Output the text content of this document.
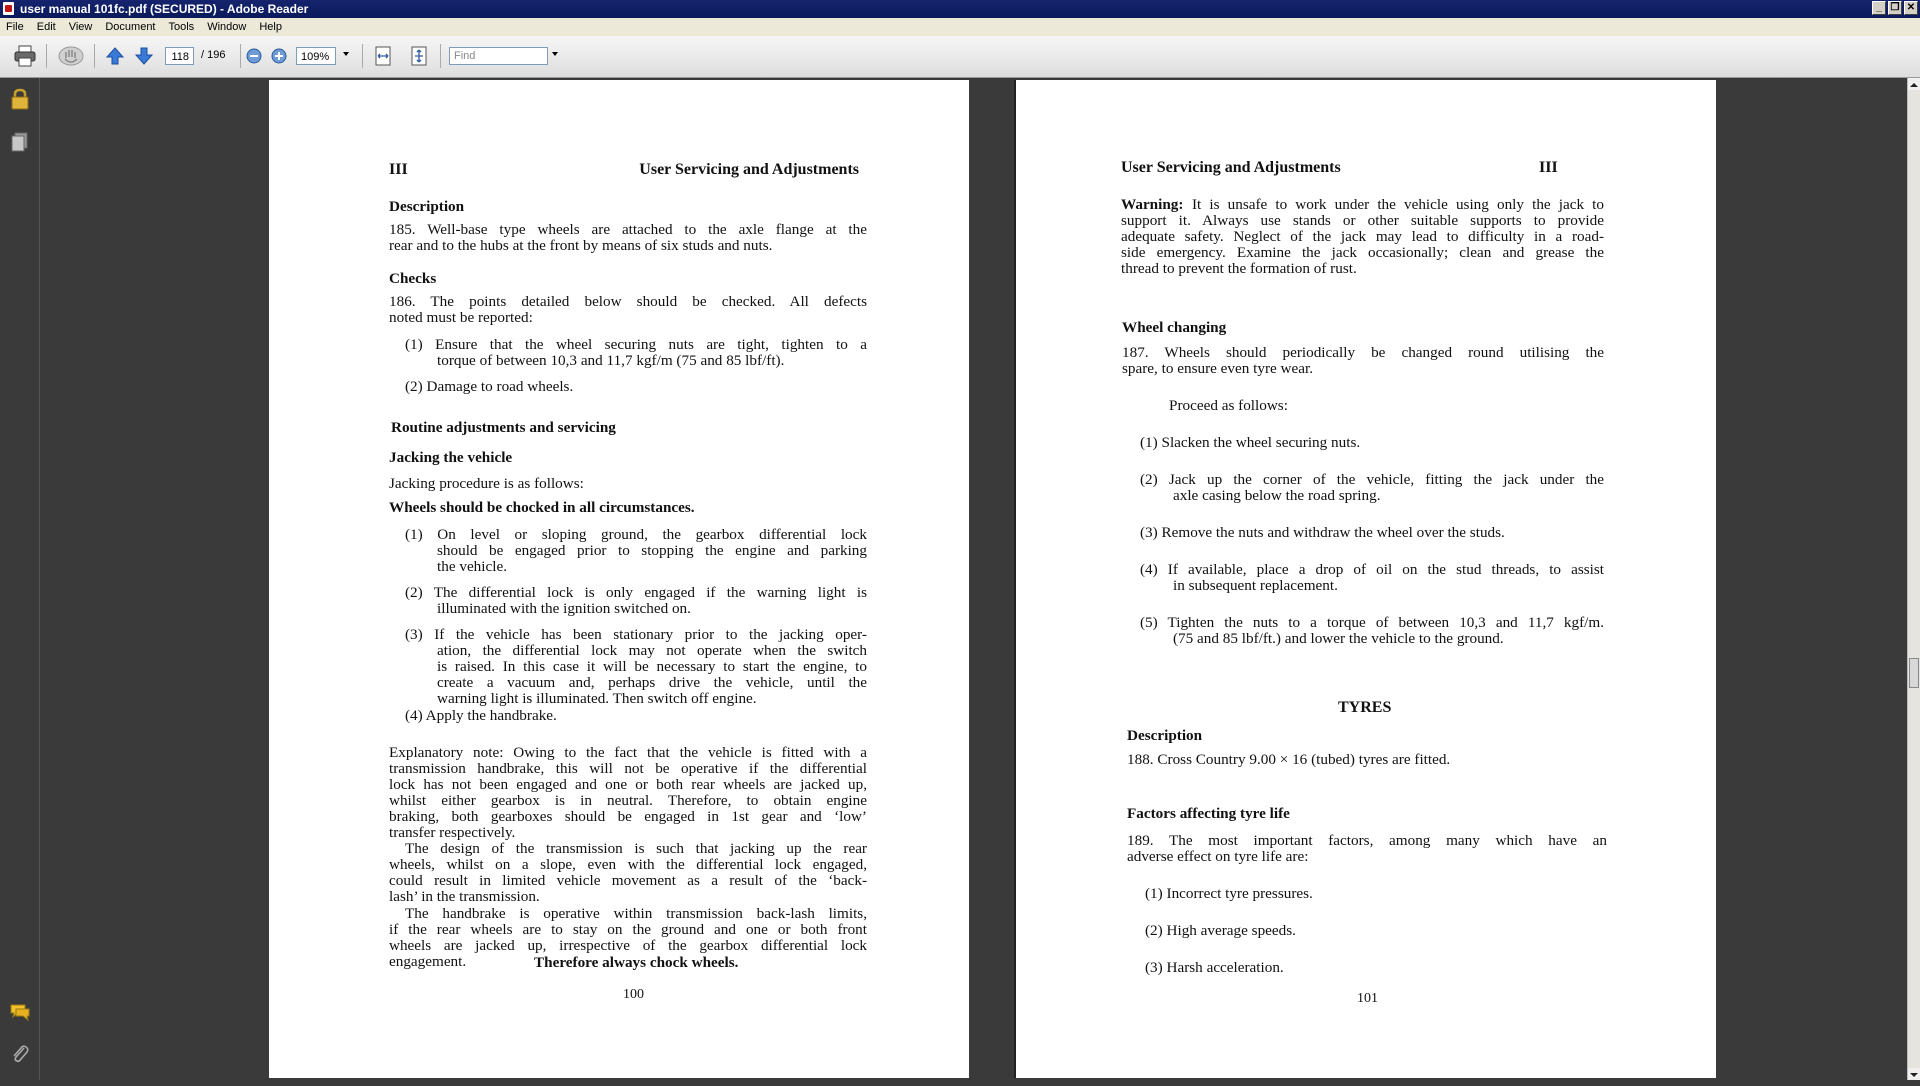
user manual 101fc.pdf (SECURED) - Adobe Reader	_ ❐ ✕
File	Edit	View	Document	Tools	Window	Help
118	/ 196	109%	Find
III	User Servicing and Adjustments
Description
185. Well-base type wheels are attached to the axle flange at the
rear and to the hubs at the front by means of six studs and nuts.
Checks
186. The points detailed below should be checked. All defects
noted must be reported:
(1) Ensure that the wheel securing nuts are tight, tighten to a
torque of between 10,3 and 11,7 kgf/m (75 and 85 lbf/ft).
(2) Damage to road wheels.
Routine adjustments and servicing
Jacking the vehicle
Jacking procedure is as follows:
Wheels should be chocked in all circumstances.
(1) On level or sloping ground, the gearbox differential lock
should be engaged prior to stopping the engine and parking
the vehicle.
(2) The differential lock is only engaged if the warning light is
illuminated with the ignition switched on.
(3) If the vehicle has been stationary prior to the jacking oper-
ation, the differential lock may not operate when the switch
is raised. In this case it will be necessary to start the engine, to
create a vacuum and, perhaps drive the vehicle, until the
warning light is illuminated. Then switch off engine.
(4) Apply the handbrake.
Explanatory note: Owing to the fact that the vehicle is fitted with a
transmission handbrake, this will not be operative if the differential
lock has not been engaged and one or both rear wheels are jacked up,
whilst either gearbox is in neutral. Therefore, to obtain engine
braking, both gearboxes should be engaged in 1st gear and ‘low’
transfer respectively.
The design of the transmission is such that jacking up the rear
wheels, whilst on a slope, even with the differential lock engaged,
could result in limited vehicle movement as a result of the ‘back-
lash’ in the transmission.
The handbrake is operative within transmission back-lash limits,
if the rear wheels are to stay on the ground and one or both front
wheels are jacked up, irrespective of the gearbox differential lock
engagement.	Therefore always chock wheels.
100
User Servicing and Adjustments	III
Warning: It is unsafe to work under the vehicle using only the jack to
support it. Always use stands or other suitable supports to provide
adequate safety. Neglect of the jack may lead to difficulty in a road-
side emergency. Examine the jack occasionally; clean and grease the
thread to prevent the formation of rust.
Wheel changing
187. Wheels should periodically be changed round utilising the
spare, to ensure even tyre wear.
Proceed as follows:
(1) Slacken the wheel securing nuts.
(2) Jack up the corner of the vehicle, fitting the jack under the
axle casing below the road spring.
(3) Remove the nuts and withdraw the wheel over the studs.
(4) If available, place a drop of oil on the stud threads, to assist
in subsequent replacement.
(5) Tighten the nuts to a torque of between 10,3 and 11,7 kgf/m.
(75 and 85 lbf/ft.) and lower the vehicle to the ground.
TYRES
Description
188. Cross Country 9.00 × 16 (tubed) tyres are fitted.
Factors affecting tyre life
189. The most important factors, among many which have an
adverse effect on tyre life are:
(1) Incorrect tyre pressures.
(2) High average speeds.
(3) Harsh acceleration.
101
